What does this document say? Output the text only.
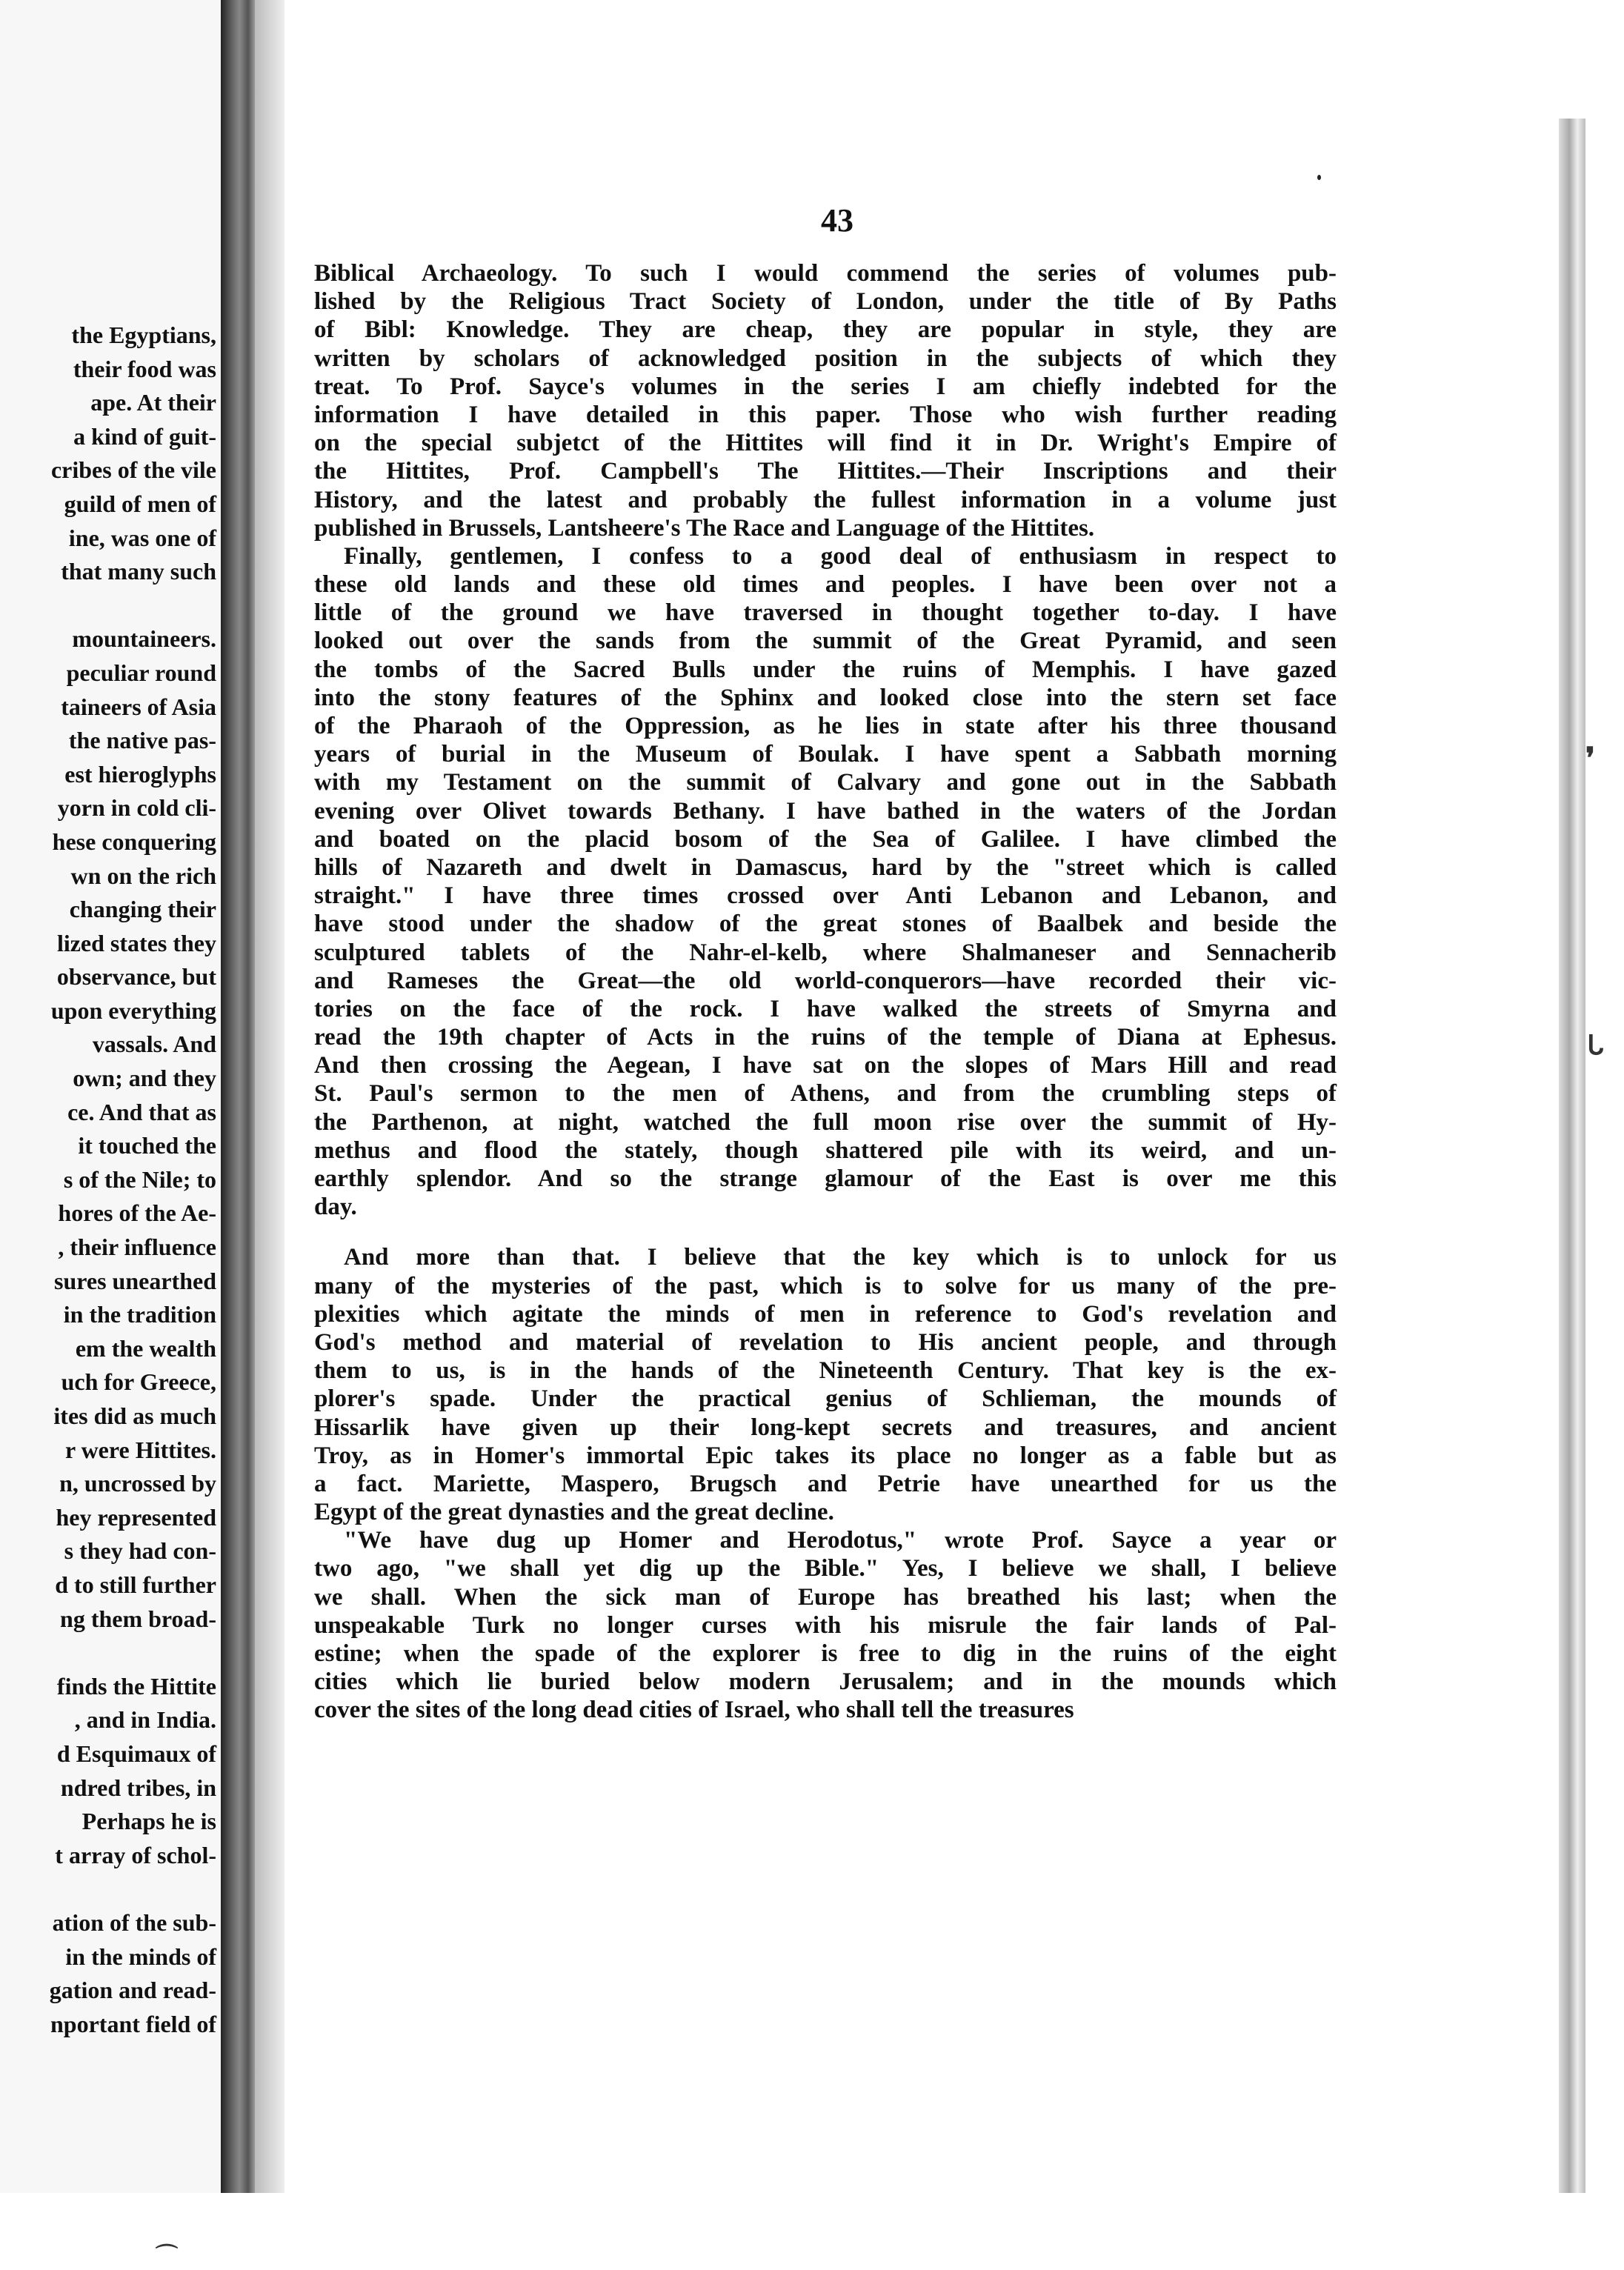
the Egyptians,
their food was
ape. At their
a kind of guit-
cribes of the vile
guild of men of
ine, was one of
that many such
mountaineers.
peculiar round
taineers of Asia
the native pas-
est hieroglyphs
yorn in cold cli-
hese conquering
wn on the rich
changing their
lized states they
observance, but
upon everything
vassals. And
own; and they
ce. And that as
it touched the
s of the Nile; to
hores of the Ae-
, their influence
sures unearthed
in the tradition
em the wealth
uch for Greece,
ites did as much
r were Hittites.
n, uncrossed by
hey represented
s they had con-
d to still further
ng them broad-
finds the Hittite
, and in India.
d Esquimaux of
ndred tribes, in
Perhaps he is
t array of schol-
ation of the sub-
in the minds of
gation and read-
nportant field of
43
Biblical Archaeology. To such I would commend the series of volumes pub-
lished by the Religious Tract Society of London, under the title of By Paths
of Bibl: Knowledge. They are cheap, they are popular in style, they are
written by scholars of acknowledged position in the subjects of which they
treat. To Prof. Sayce's volumes in the series I am chiefly indebted for the
information I have detailed in this paper. Those who wish further reading
on the special subjetct of the Hittites will find it in Dr. Wright's Empire of
the Hittites, Prof. Campbell's The Hittites.—Their Inscriptions and their
History, and the latest and probably the fullest information in a volume just
published in Brussels, Lantsheere's The Race and Language of the Hittites.
Finally, gentlemen, I confess to a good deal of enthusiasm in respect to
these old lands and these old times and peoples. I have been over not a
little of the ground we have traversed in thought together to-day. I have
looked out over the sands from the summit of the Great Pyramid, and seen
the tombs of the Sacred Bulls under the ruins of Memphis. I have gazed
into the stony features of the Sphinx and looked close into the stern set face
of the Pharaoh of the Oppression, as he lies in state after his three thousand
years of burial in the Museum of Boulak. I have spent a Sabbath morning
with my Testament on the summit of Calvary and gone out in the Sabbath
evening over Olivet towards Bethany. I have bathed in the waters of the Jordan
and boated on the placid bosom of the Sea of Galilee. I have climbed the
hills of Nazareth and dwelt in Damascus, hard by the "street which is called
straight." I have three times crossed over Anti Lebanon and Lebanon, and
have stood under the shadow of the great stones of Baalbek and beside the
sculptured tablets of the Nahr-el-kelb, where Shalmaneser and Sennacherib
and Rameses the Great—the old world-conquerors—have recorded their vic-
tories on the face of the rock. I have walked the streets of Smyrna and
read the 19th chapter of Acts in the ruins of the temple of Diana at Ephesus.
And then crossing the Aegean, I have sat on the slopes of Mars Hill and read
St. Paul's sermon to the men of Athens, and from the crumbling steps of
the Parthenon, at night, watched the full moon rise over the summit of Hy-
methus and flood the stately, though shattered pile with its weird, and un-
earthly splendor. And so the strange glamour of the East is over me this
day.
And more than that. I believe that the key which is to unlock for us
many of the mysteries of the past, which is to solve for us many of the pre-
plexities which agitate the minds of men in reference to God's revelation and
God's method and material of revelation to His ancient people, and through
them to us, is in the hands of the Nineteenth Century. That key is the ex-
plorer's spade. Under the practical genius of Schlieman, the mounds of
Hissarlik have given up their long-kept secrets and treasures, and ancient
Troy, as in Homer's immortal Epic takes its place no longer as a fable but as
a fact. Mariette, Maspero, Brugsch and Petrie have unearthed for us the
Egypt of the great dynasties and the great decline.
"We have dug up Homer and Herodotus," wrote Prof. Sayce a year or
two ago, "we shall yet dig up the Bible." Yes, I believe we shall, I believe
we shall. When the sick man of Europe has breathed his last; when the
unspeakable Turk no longer curses with his misrule the fair lands of Pal-
estine; when the spade of the explorer is free to dig in the ruins of the eight
cities which lie buried below modern Jerusalem; and in the mounds which
cover the sites of the long dead cities of Israel, who shall tell the treasures
❜
ᒐ
⌒
